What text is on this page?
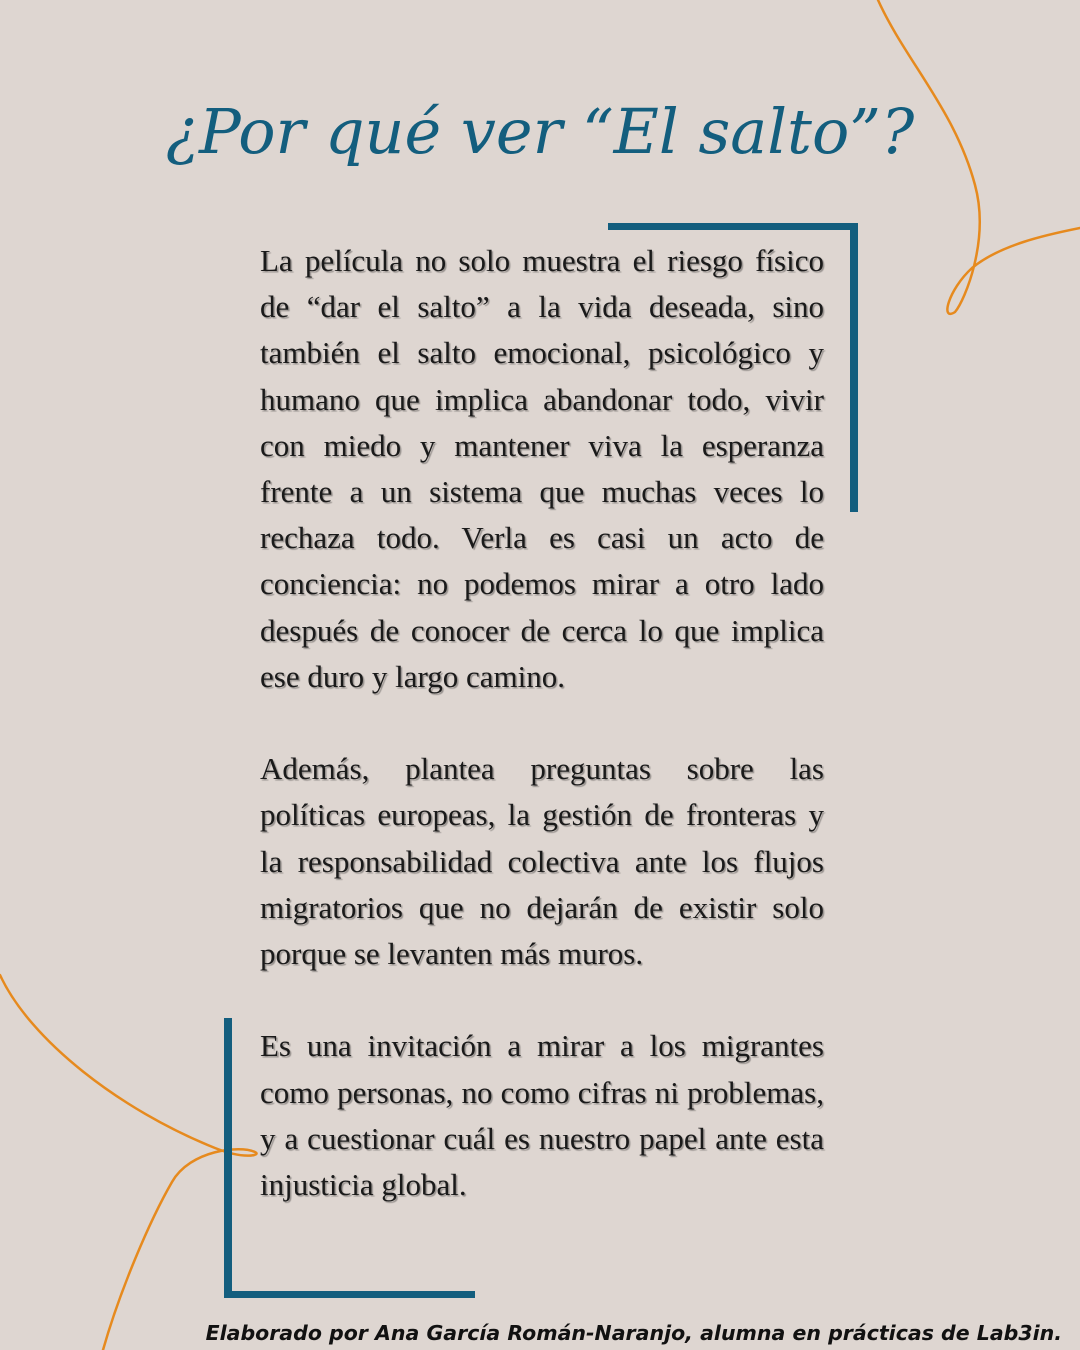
¿Por qué ver “El salto”?

La película no solo muestra el riesgo físico de “dar el salto” a la vida deseada, sino también el salto emocional, psicológico y humano que implica abandonar todo, vivir con miedo y mantener viva la esperanza frente a un sistema que muchas veces lo rechaza todo. Verla es casi un acto de conciencia: no podemos mirar a otro lado después de conocer de cerca lo que implica ese duro y largo camino.

Además, plantea preguntas sobre las políticas europeas, la gestión de fronteras y la responsabilidad colectiva ante los flujos migratorios que no dejarán de existir solo porque se levanten más muros.

Es una invitación a mirar a los migrantes como personas, no como cifras ni problemas, y a cuestionar cuál es nuestro papel ante esta injusticia global.

Elaborado por Ana García Román-Naranjo, alumna en prácticas de Lab3in.
